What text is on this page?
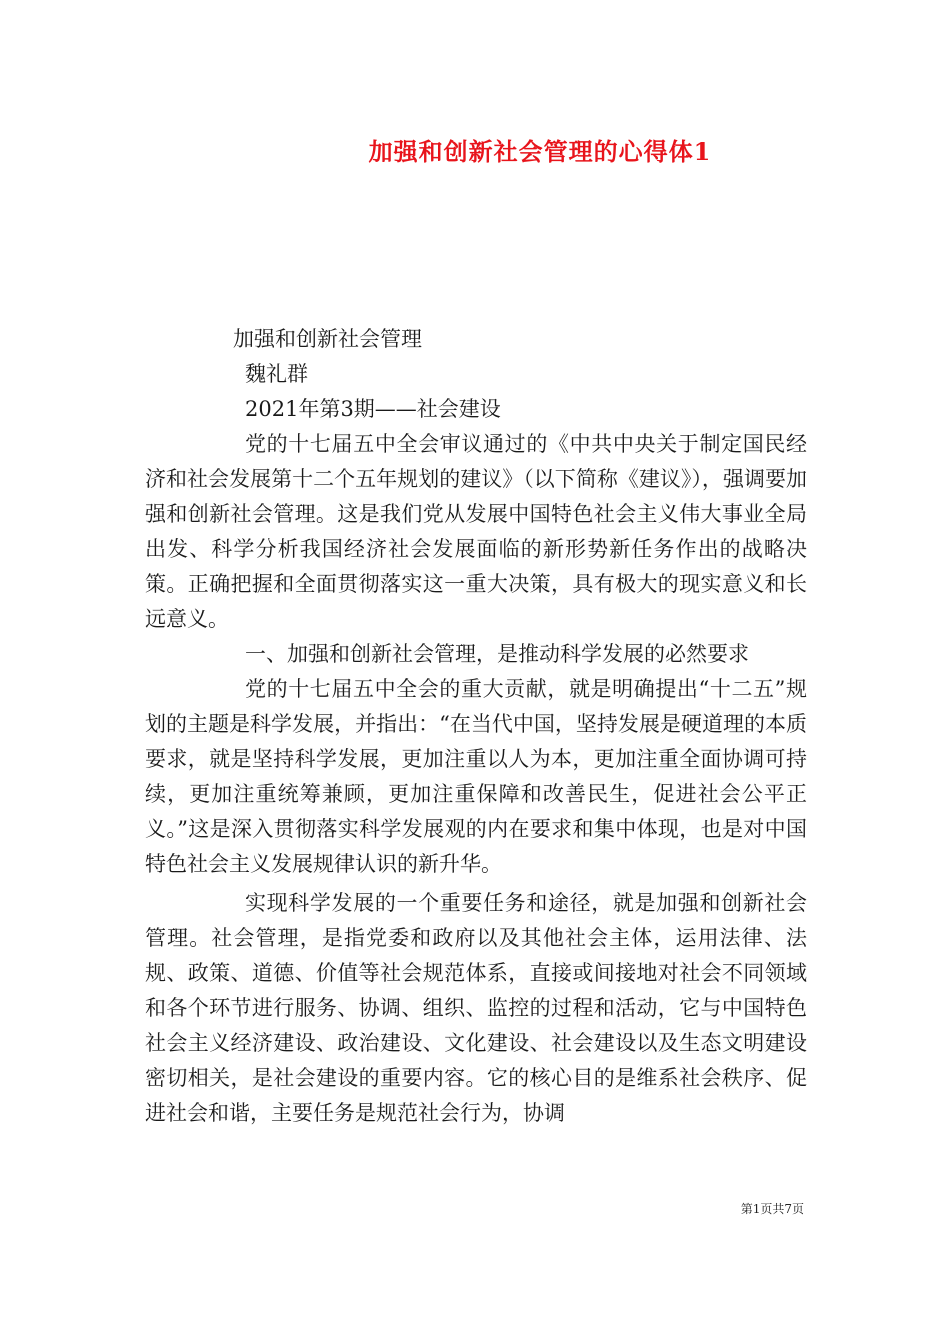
加强和创新社会管理的心得体1
加强和创新社会管理
魏礼群
2021年第3期——社会建设

党的十七届五中全会审议通过的《中共中央关于制定国民经济和社会发展第十二个五年规划的建议》（以下简称《建议》），强调要加强和创新社会管理。这是我们党从发展中国特色社会主义伟大事业全局出发、科学分析我国经济社会发展面临的新形势新任务作出的战略决策。正确把握和全面贯彻落实这一重大决策，具有极大的现实意义和长远意义。

一、加强和创新社会管理，是推动科学发展的必然要求

党的十七届五中全会的重大贡献，就是明确提出“十二五”规划的主题是科学发展，并指出：“在当代中国，坚持发展是硬道理的本质要求，就是坚持科学发展，更加注重以人为本，更加注重全面协调可持续，更加注重统筹兼顾，更加注重保障和改善民生，促进社会公平正义。”这是深入贯彻落实科学发展观的内在要求和集中体现，也是对中国特色社会主义发展规律认识的新升华。

实现科学发展的一个重要任务和途径，就是加强和创新社会管理。社会管理，是指党委和政府以及其他社会主体，运用法律、法规、政策、道德、价值等社会规范体系，直接或间接地对社会不同领域和各个环节进行服务、协调、组织、监控的过程和活动，它与中国特色社会主义经济建设、政治建设、文化建设、社会建设以及生态文明建设密切相关，是社会建设的重要内容。它的核心目的是维系社会秩序、促进社会和谐，主要任务是规范社会行为，协调

第1页共7页
